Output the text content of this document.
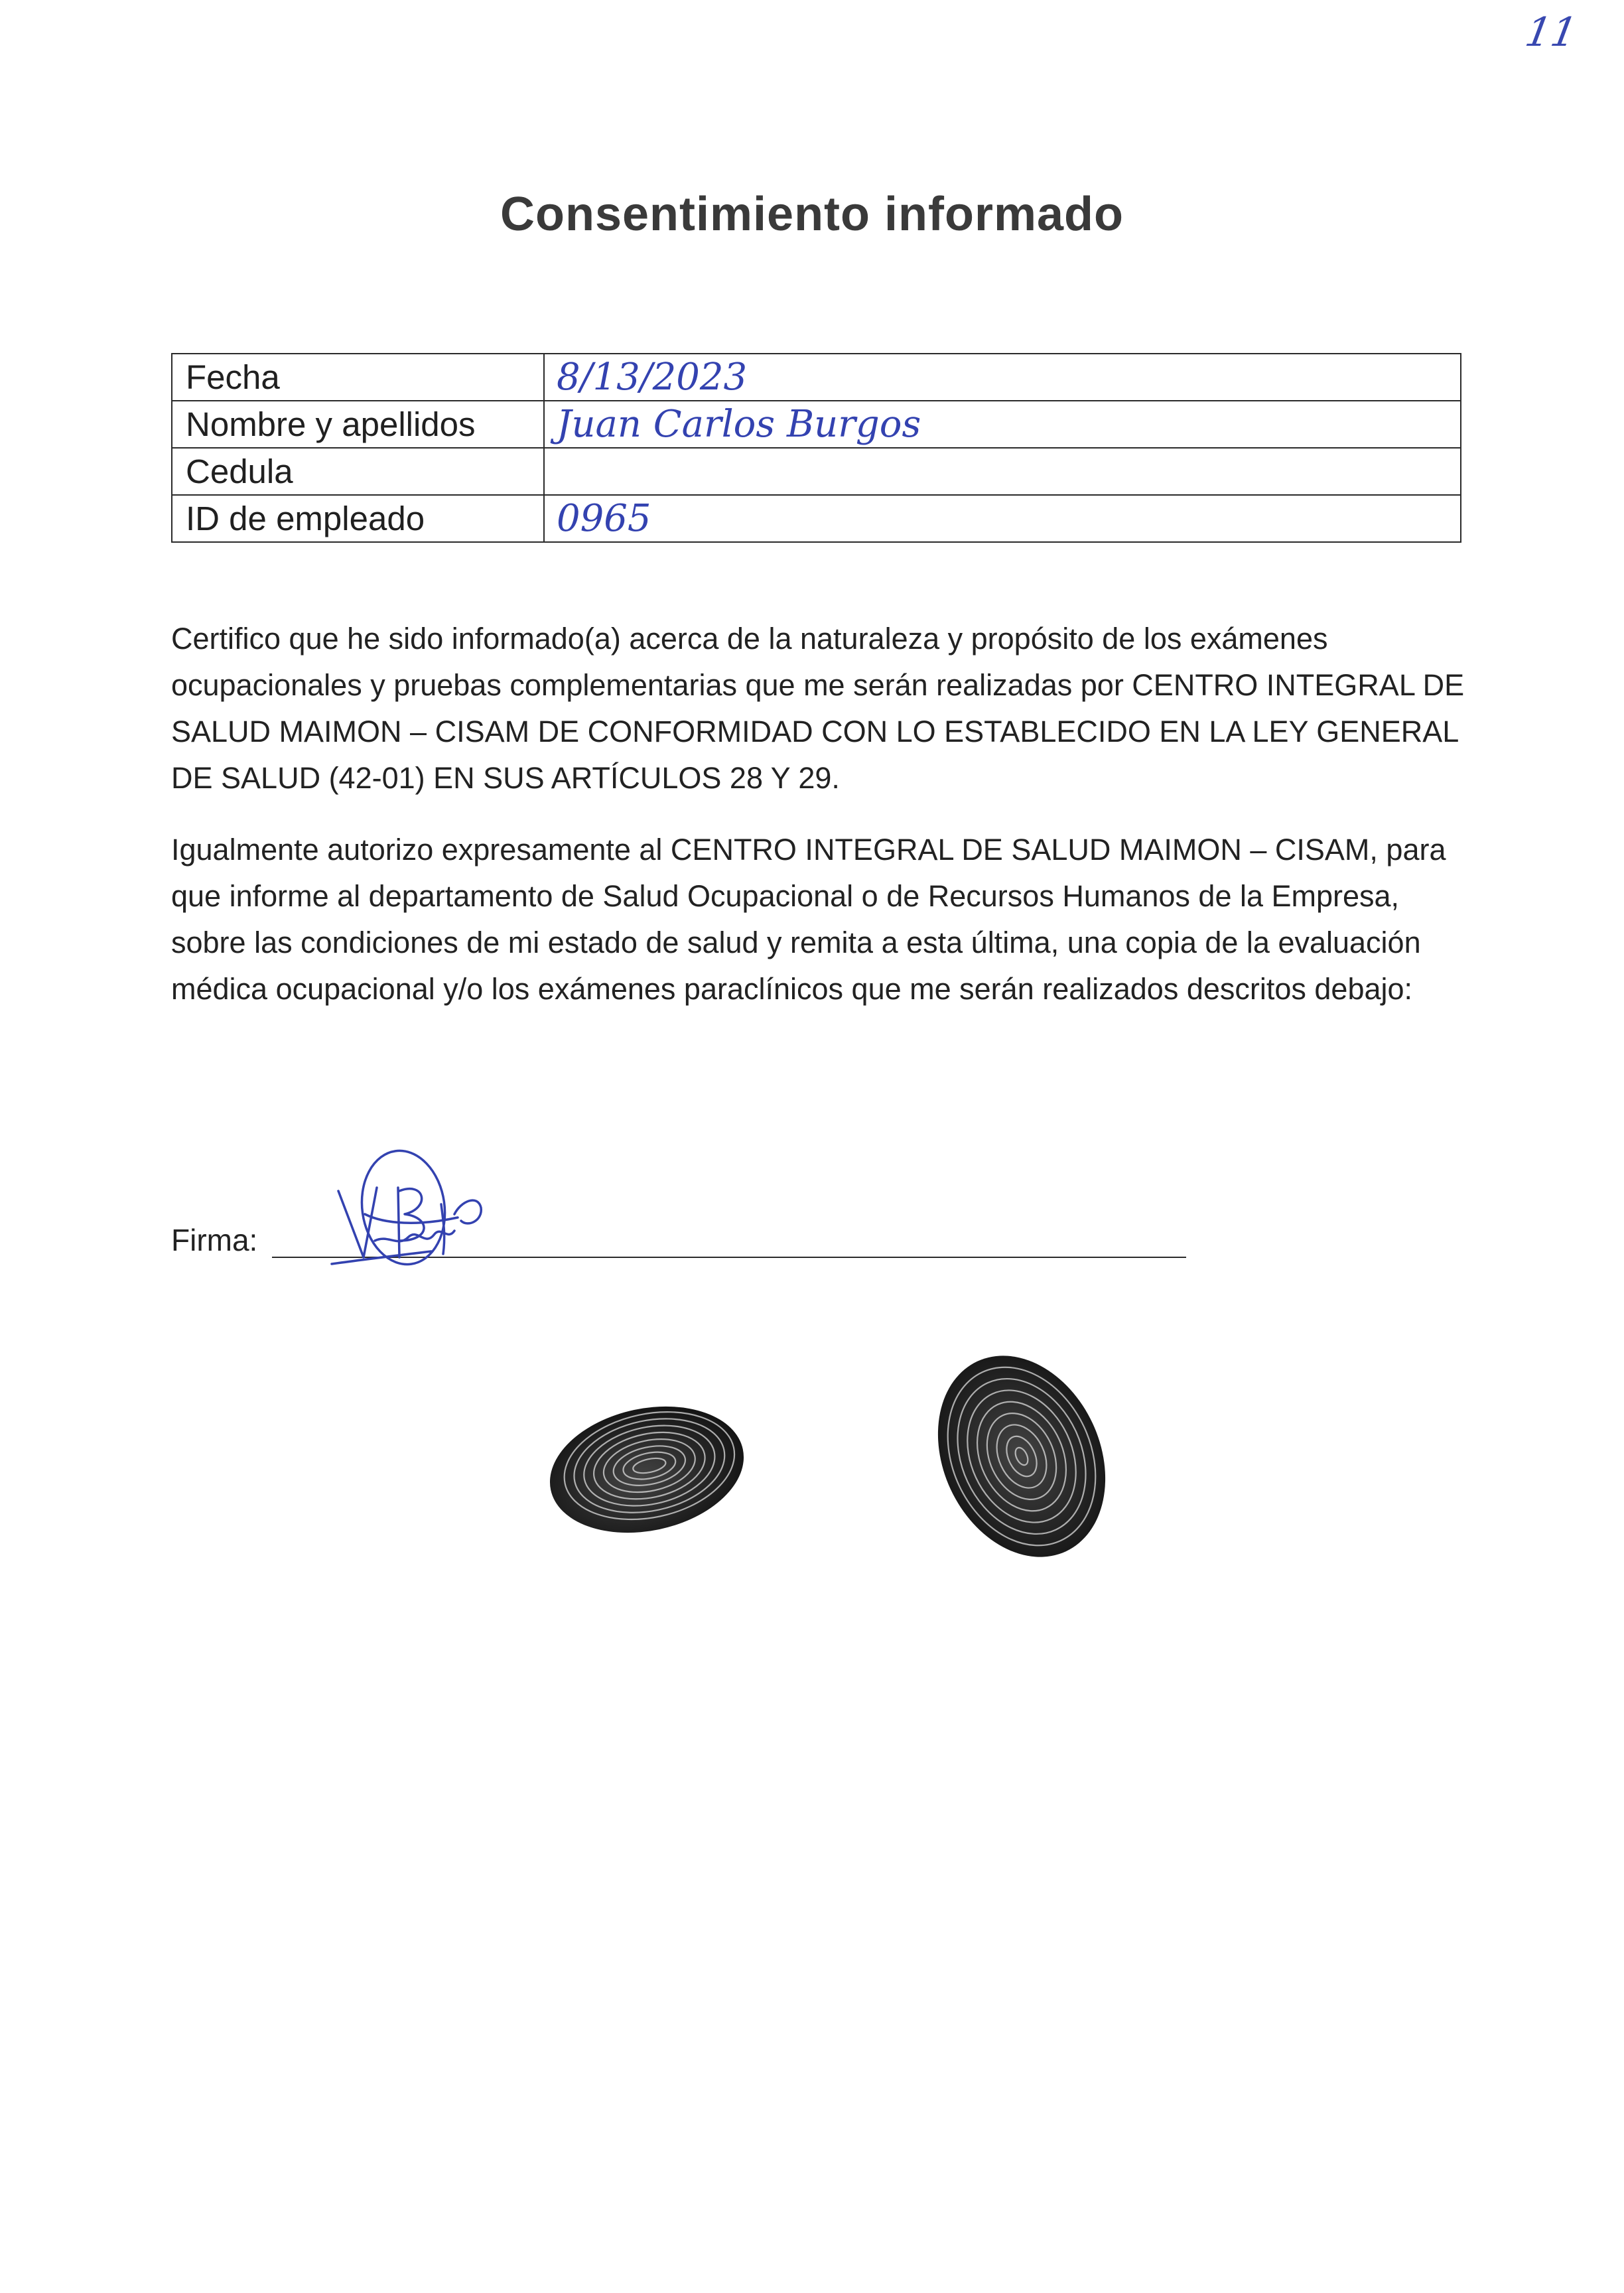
11
Consentimiento informado
Fecha	8/13/2023
Nombre y apellidos	Juan Carlos Burgos
Cedula	
ID de empleado	0965
Certifico que he sido informado(a) acerca de la naturaleza y propósito de los exámenes ocupacionales y pruebas complementarias que me serán realizadas por CENTRO INTEGRAL DE SALUD MAIMON – CISAM DE CONFORMIDAD CON LO ESTABLECIDO EN LA LEY GENERAL DE SALUD (42-01) EN SUS ARTÍCULOS 28 Y 29.
Igualmente autorizo expresamente al CENTRO INTEGRAL DE SALUD MAIMON – CISAM, para que informe al departamento de Salud Ocupacional o de Recursos Humanos de la Empresa, sobre las condiciones de mi estado de salud y remita a esta última, una copia de la evaluación médica ocupacional y/o los exámenes paraclínicos que me serán realizados descritos debajo:
Firma:
